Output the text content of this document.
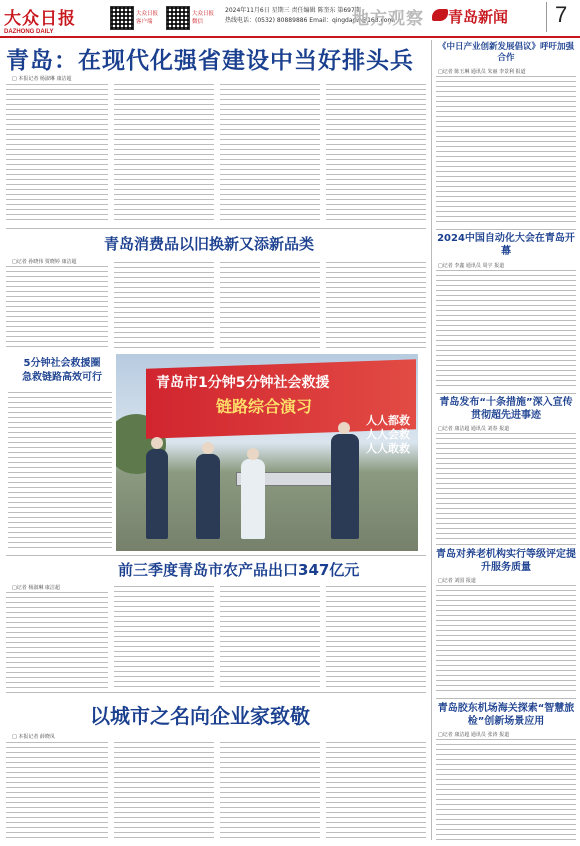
大众日报
DAZHONG DAILY
大众日报客户端
大众日报微信
2024年11月6日 星期三 责任编辑 陈奎东 第697期
热线电话：(0532) 80889886 Email：qingdaow@163.com
地方观察 青岛新闻	7
青岛：在现代化强省建设中当好排头兵
□ 本报记者 杨淑琳 康洁超
青岛消费品以旧换新又添新品类
□记者 孙晓伟 贾晓婷 康洁超
5分钟社会救援圈
急救链路高效可行	青岛市1分钟5分钟社会救援
链路综合演习
人人都救
人人会救
人人敢救
前三季度青岛市农产品出口347亿元
□记者 杨淑琳 康洁超
以城市之名向企业家致敬
□ 本报记者 薛晓凤
《中日产业创新发展倡议》呼吁加强合作
□记者 陈玉琳 通讯员 朱丽 李景利 报道
2024中国自动化大会在青岛开幕
□记者 李鑫 通讯员 周宇 报道
青岛发布“十条措施”深入宣传贯彻超先进事迹
□记者 康洁超 通讯员 刘春 报道
青岛对养老机构实行等级评定提升服务质量
□记者 刘国 报道
青岛胶东机场海关探索“智慧旅检”创新场景应用
□记者 康洁超 通讯员 张涛 报道
